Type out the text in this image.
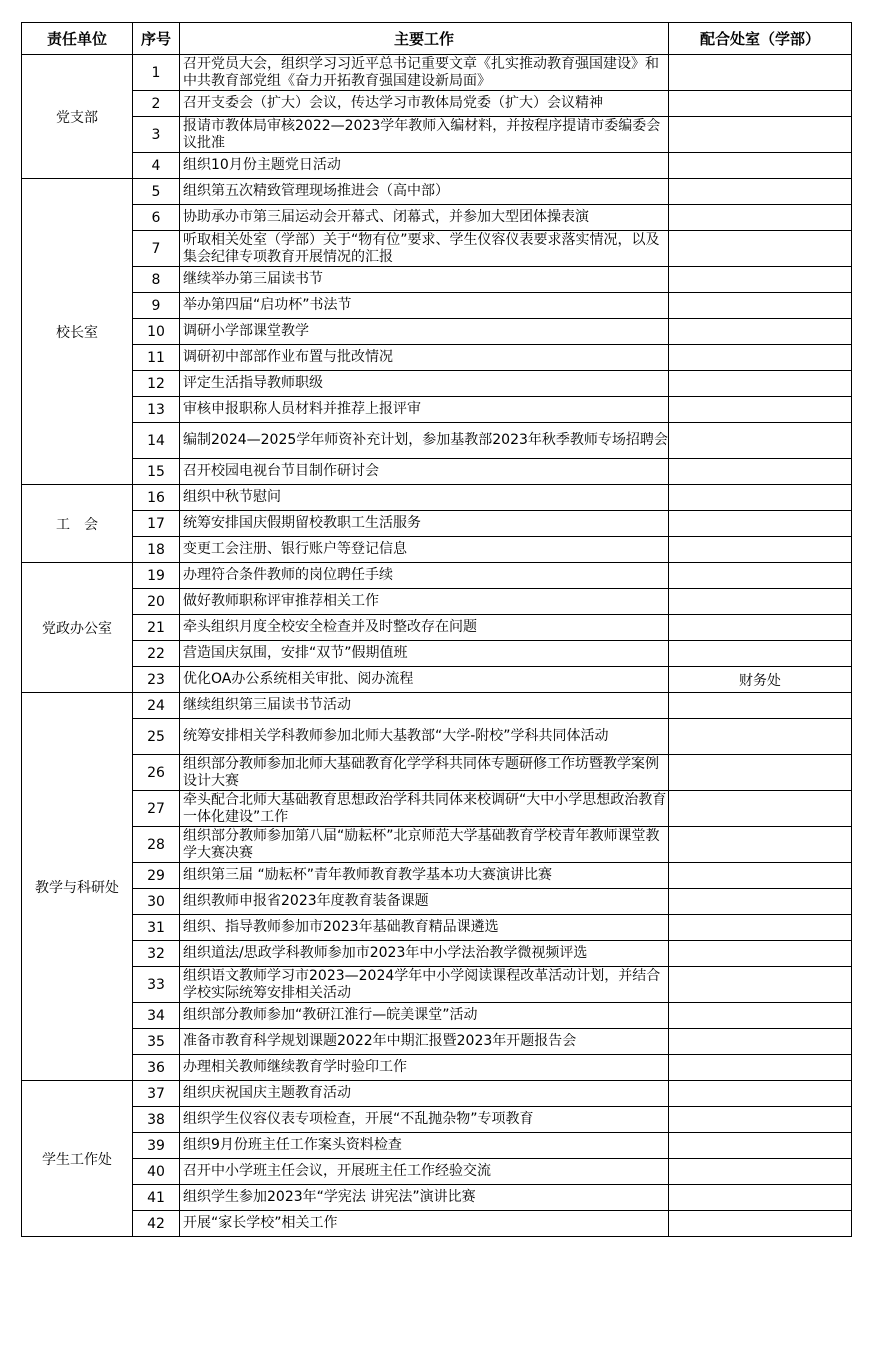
责任单位	序号	主要工作	配合处室（学部）
党支部	1	召开党员大会，组织学习习近平总书记重要文章《扎实推动教育强国建设》和中共教育部党组《奋力开拓教育强国建设新局面》	
	2	召开支委会（扩大）会议，传达学习市教体局党委（扩大）会议精神	
	3	报请市教体局审核2022—2023学年教师入编材料，并按程序提请市委编委会议批准	
	4	组织10月份主题党日活动	
校长室	5	组织第五次精致管理现场推进会（高中部）	
	6	协助承办市第三届运动会开幕式、闭幕式，并参加大型团体操表演	
	7	听取相关处室（学部）关于“物有位”要求、学生仪容仪表要求落实情况，以及集会纪律专项教育开展情况的汇报	
	8	继续举办第三届读书节	
	9	举办第四届“启功杯”书法节	
	10	调研小学部课堂教学	
	11	调研初中部部作业布置与批改情况	
	12	评定生活指导教师职级	
	13	审核申报职称人员材料并推荐上报评审	
	14	编制2024—2025学年师资补充计划，参加基教部2023年秋季教师专场招聘会	
	15	召开校园电视台节目制作研讨会	
工　会	16	组织中秋节慰问	
	17	统筹安排国庆假期留校教职工生活服务	
	18	变更工会注册、银行账户等登记信息	
党政办公室	19	办理符合条件教师的岗位聘任手续	
	20	做好教师职称评审推荐相关工作	
	21	牵头组织月度全校安全检查并及时整改存在问题	
	22	营造国庆氛围，安排“双节”假期值班	
	23	优化OA办公系统相关审批、阅办流程	财务处
教学与科研处	24	继续组织第三届读书节活动	
	25	统筹安排相关学科教师参加北师大基教部“大学-附校”学科共同体活动	
	26	组织部分教师参加北师大基础教育化学学科共同体专题研修工作坊暨教学案例设计大赛	
	27	牵头配合北师大基础教育思想政治学科共同体来校调研“大中小学思想政治教育一体化建设”工作	
	28	组织部分教师参加第八届“励耘杯”北京师范大学基础教育学校青年教师课堂教学大赛决赛	
	29	组织第三届 “励耘杯”青年教师教育教学基本功大赛演讲比赛	
	30	组织教师申报省2023年度教育装备课题	
	31	组织、指导教师参加市2023年基础教育精品课遴选	
	32	组织道法/思政学科教师参加市2023年中小学法治教学微视频评选	
	33	组织语文教师学习市2023—2024学年中小学阅读课程改革活动计划，并结合学校实际统筹安排相关活动	
	34	组织部分教师参加“教研江淮行—皖美课堂”活动	
	35	准备市教育科学规划课题2022年中期汇报暨2023年开题报告会	
	36	办理相关教师继续教育学时验印工作	
学生工作处	37	组织庆祝国庆主题教育活动	
	38	组织学生仪容仪表专项检查，开展“不乱抛杂物”专项教育	
	39	组织9月份班主任工作案头资料检查	
	40	召开中小学班主任会议，开展班主任工作经验交流	
	41	组织学生参加2023年“学宪法 讲宪法”演讲比赛	
	42	开展“家长学校”相关工作	
